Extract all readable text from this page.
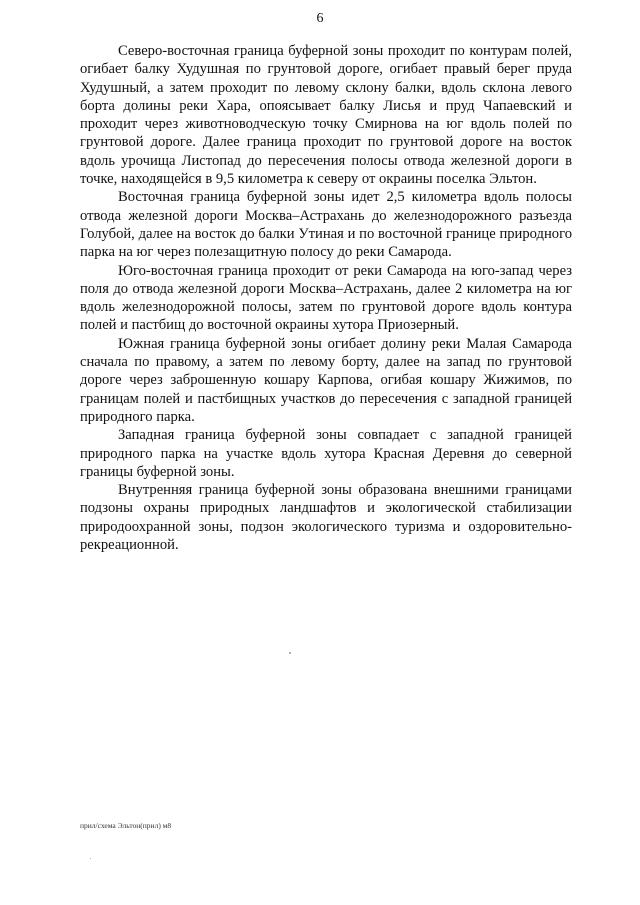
6

Северо-восточная граница буферной зоны проходит по контурам полей, огибает балку Худушная по грунтовой дороге, огибает правый берег пруда Худушный, а затем проходит по левому склону балки, вдоль склона левого борта долины реки Хара, опоясывает балку Лисья и пруд Чапаевский и проходит через животноводческую точку Смирнова на юг вдоль полей по грунтовой дороге. Далее граница проходит по грунтовой дороге на восток вдоль урочища Листопад до пересечения полосы отвода железной дороги в точке, находящейся в 9,5 километра к северу от окраины поселка Эльтон.

Восточная граница буферной зоны идет 2,5 километра вдоль полосы отвода железной дороги Москва–Астрахань до железнодорожного разъезда Голубой, далее на восток до балки Утиная и по восточной границе природного парка на юг через полезащитную полосу до реки Самарода.

Юго-восточная граница проходит от реки Самарода на юго-запад через поля до отвода железной дороги Москва–Астрахань, далее 2 километра на юг вдоль железнодорожной полосы, затем по грунтовой дороге вдоль контура полей и пастбищ до восточной окраины хутора Приозерный.

Южная граница буферной зоны огибает долину реки Малая Самарода сначала по правому, а затем по левому борту, далее на запад по грунтовой дороге через заброшенную кошару Карпова, огибая кошару Жижимов, по границам полей и пастбищных участков до пересечения с западной границей природного парка.

Западная граница буферной зоны совпадает с западной границей природного парка на участке вдоль хутора Красная Деревня до северной границы буферной зоны.

Внутренняя граница буферной зоны образована внешними границами подзоны охраны природных ландшафтов и экологической стабилизации природоохранной зоны, подзон экологического туризма и оздоровительно-рекреационной.

прил/схема Эльтон(прил) м8
